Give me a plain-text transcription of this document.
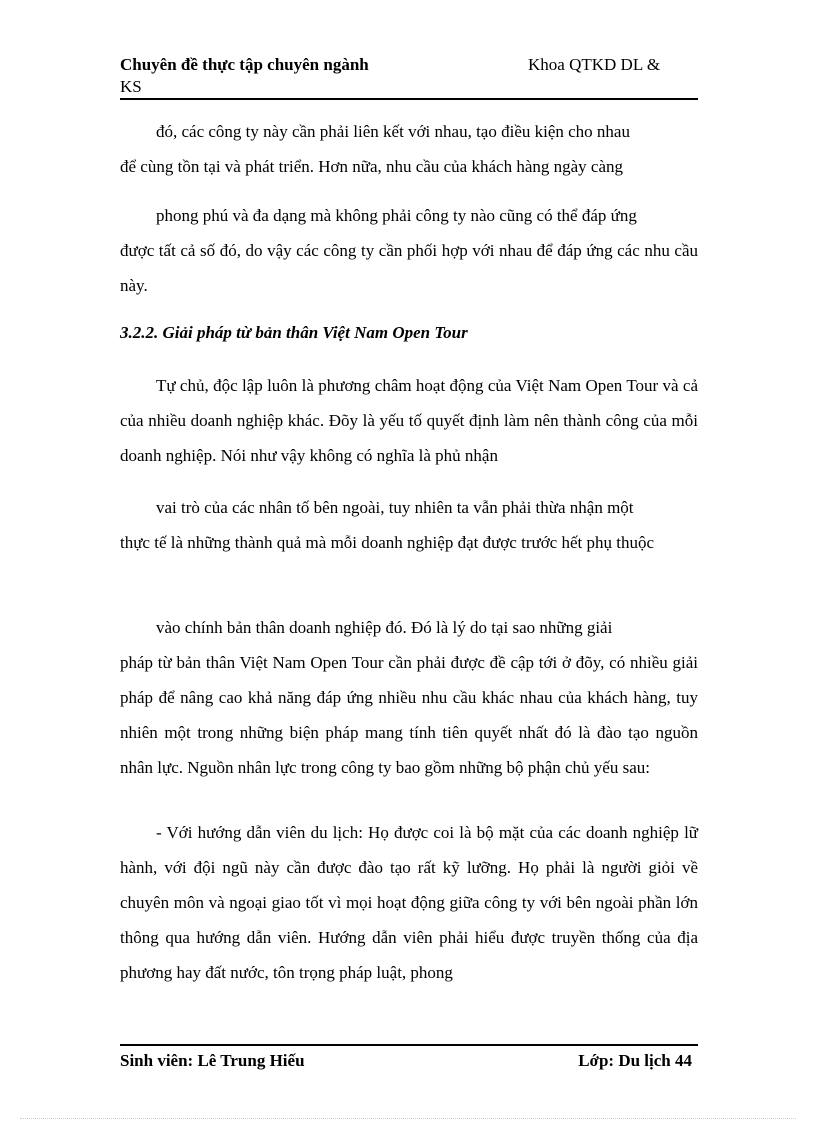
Chuyên đề thực tập chuyên ngành	Khoa QTKD DL &
KS

đó, các công ty này cần phải liên kết với nhau, tạo điều kiện cho nhau
để cùng tồn tại và phát triển. Hơn nữa, nhu cầu của khách hàng ngày càng

phong phú và đa dạng mà không phải công ty nào cũng có thể đáp ứng
được tất cả số đó, do vậy các công ty cần phối hợp với nhau để đáp ứng các nhu cầu này.

3.2.2. Giải pháp từ bản thân Việt Nam Open Tour

Tự chủ, độc lập luôn là phương châm hoạt động của Việt Nam Open Tour và cả của nhiều doanh nghiệp khác. Đõy là yếu tố quyết định làm nên thành công của mỗi doanh nghiệp. Nói như vậy không có nghĩa là phủ nhận

vai trò của các nhân tố bên ngoài, tuy nhiên ta vẫn phải thừa nhận một
thực tế là những thành quả mà mỗi doanh nghiệp đạt được trước hết phụ thuộc

vào chính bản thân doanh nghiệp đó. Đó là lý do tại sao những giải
pháp từ bản thân Việt Nam Open Tour cần phải được đề cập tới ở đõy, có nhiều giải pháp để nâng cao khả năng đáp ứng nhiều nhu cầu khác nhau của khách hàng, tuy nhiên một trong những biện pháp mang tính tiên quyết nhất đó là đào tạo nguồn nhân lực. Nguồn nhân lực trong công ty bao gồm những bộ phận chủ yếu sau:

- Với hướng dẫn viên du lịch: Họ được coi là bộ mặt của các doanh nghiệp lữ hành, với đội ngũ này cần được đào tạo rất kỹ lưỡng. Họ phải là người giỏi về chuyên môn và ngoại giao tốt vì mọi hoạt động giữa công ty với bên ngoài phần lớn thông qua hướng dẫn viên. Hướng dẫn viên phải hiểu được truyền thống của địa phương hay đất nước, tôn trọng pháp luật, phong

Sinh viên: Lê Trung Hiếu	Lớp: Du lịch 44
